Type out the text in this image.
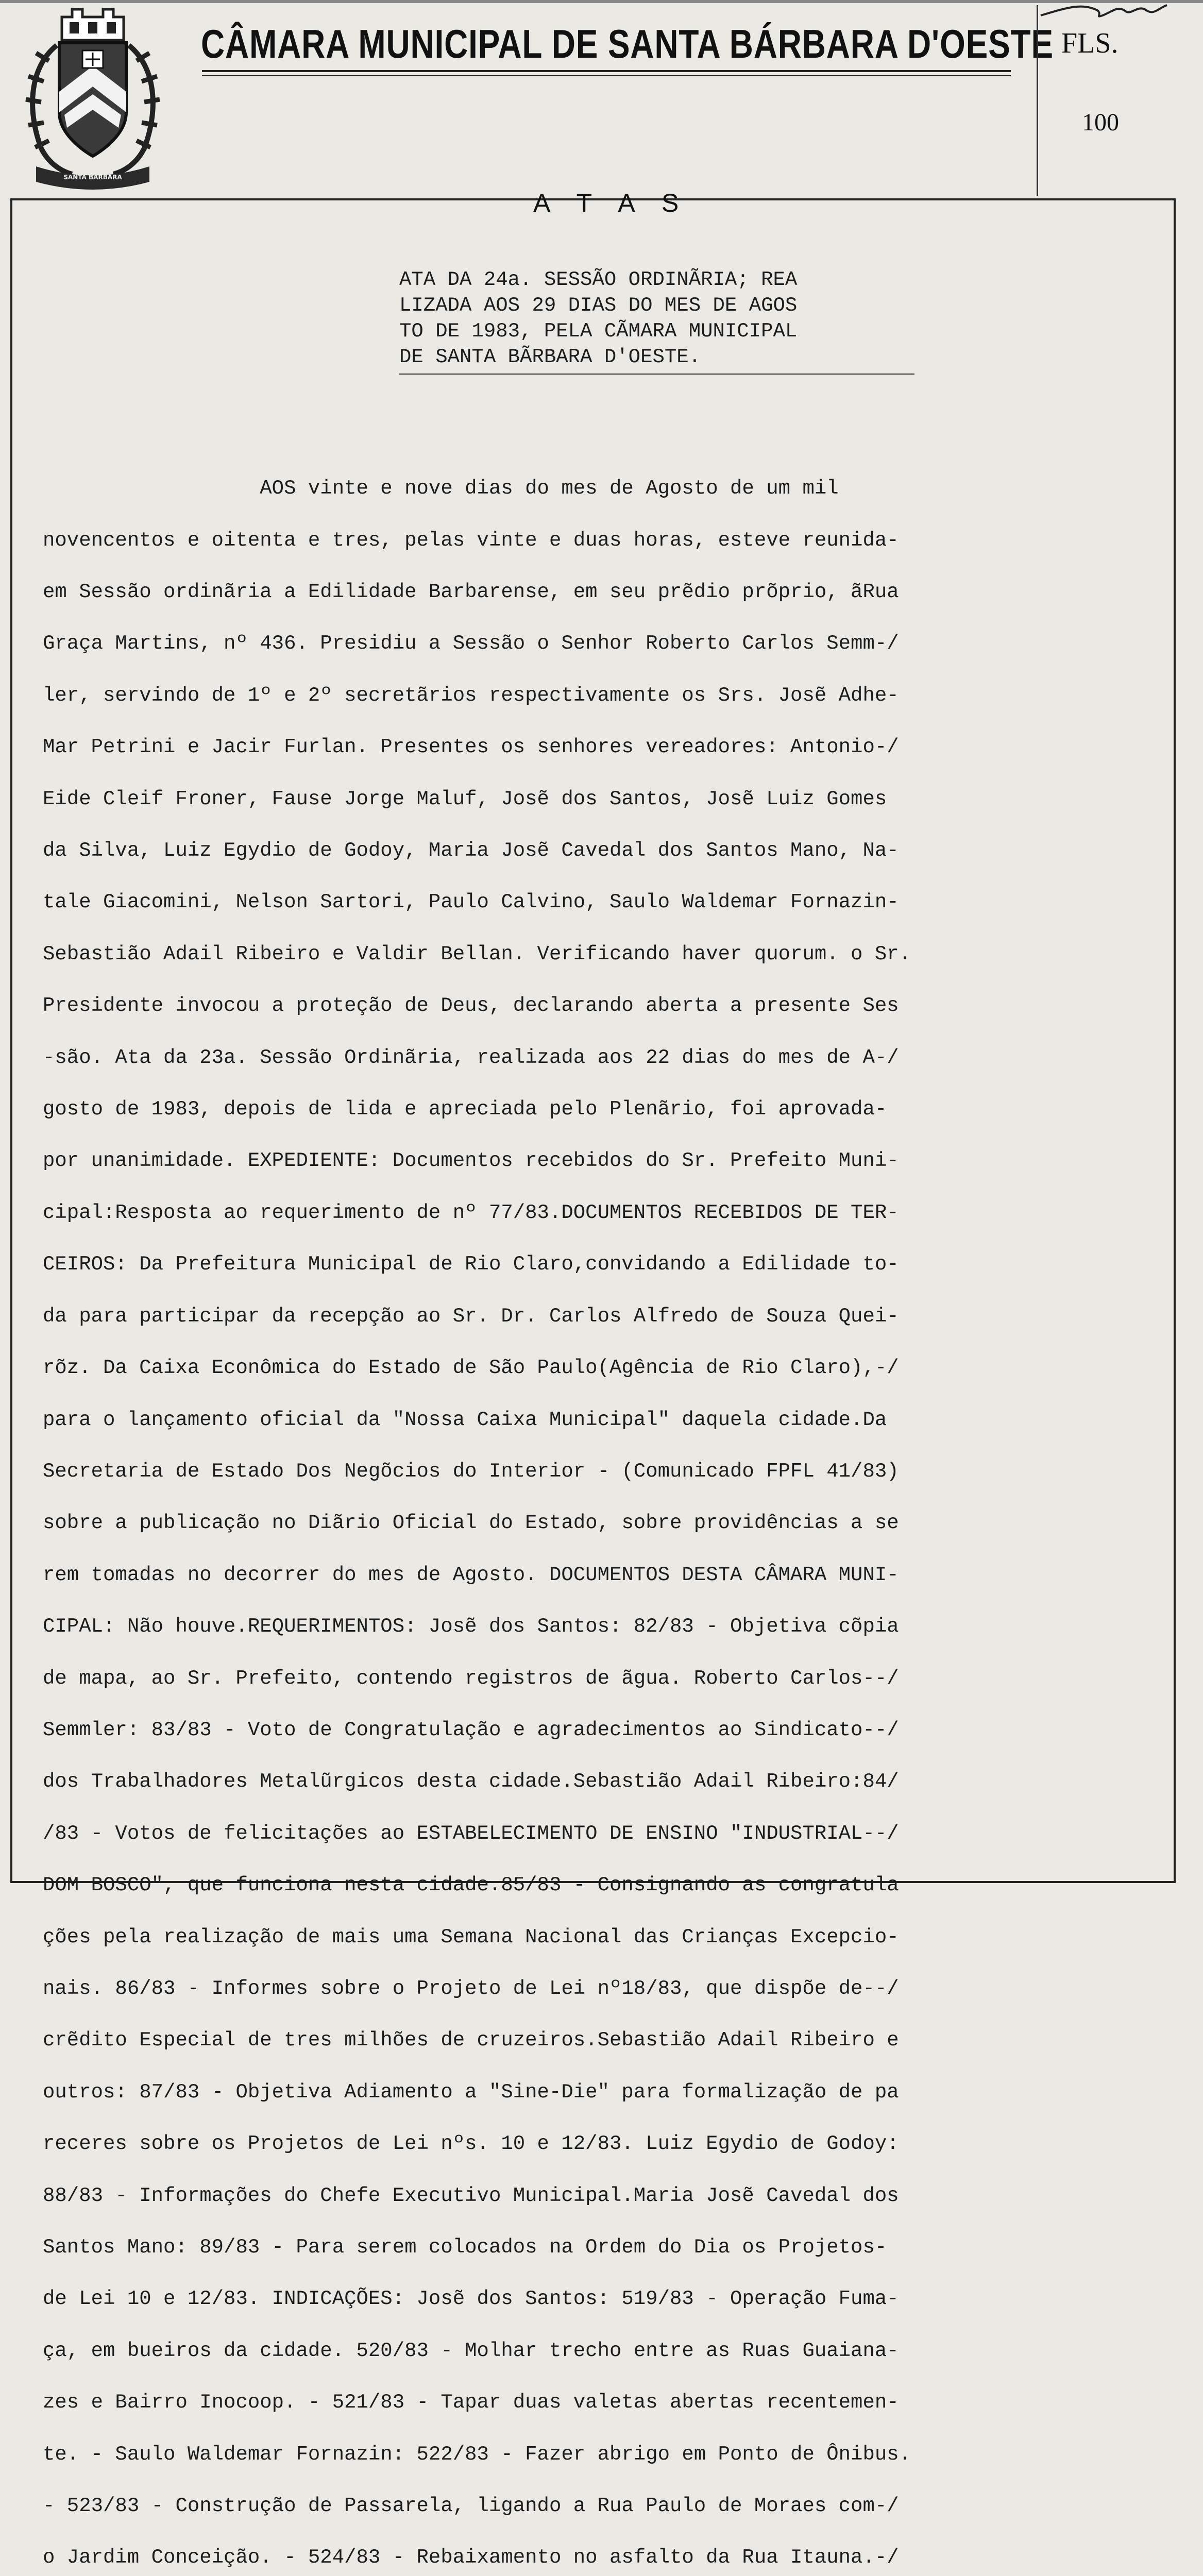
SANTA BARBARA
CÂMARA MUNICIPAL DE SANTA BÁRBARA D'OESTE FLS.
100
A T A S
ATA DA 24a. SESSÃO ORDINÃRIA; REA
LIZADA AOS 29 DIAS DO MES DE AGOS
TO DE 1983, PELA CÃMARA MUNICIPAL
DE SANTA BÃRBARA D'OESTE.

AOS vinte e nove dias do mes de Agosto de um mil

novencentos e oitenta e tres, pelas vinte e duas horas, esteve reunida-

em Sessão ordinãria a Edilidade Barbarense, em seu prẽdio prõprio, ãRua

Graça Martins, nº 436. Presidiu a Sessão o Senhor Roberto Carlos Semm-/

ler, servindo de 1º e 2º secretãrios respectivamente os Srs. Josẽ Adhe-

Mar Petrini e Jacir Furlan. Presentes os senhores vereadores: Antonio-/

Eide Cleif Froner, Fause Jorge Maluf, Josẽ dos Santos, Josẽ Luiz Gomes

da Silva, Luiz Egydio de Godoy, Maria Josẽ Cavedal dos Santos Mano, Na-

tale Giacomini, Nelson Sartori, Paulo Calvino, Saulo Waldemar Fornazin-

Sebastião Adail Ribeiro e Valdir Bellan. Verificando haver quorum. o Sr.

Presidente invocou a proteção de Deus, declarando aberta a presente Ses

-são. Ata da 23a. Sessão Ordinãria, realizada aos 22 dias do mes de A-/

gosto de 1983, depois de lida e apreciada pelo Plenãrio, foi aprovada-

por unanimidade. EXPEDIENTE: Documentos recebidos do Sr. Prefeito Muni-

cipal:Resposta ao requerimento de nº 77/83.DOCUMENTOS RECEBIDOS DE TER-

CEIROS: Da Prefeitura Municipal de Rio Claro,convidando a Edilidade to-

da para participar da recepção ao Sr. Dr. Carlos Alfredo de Souza Quei-

rõz. Da Caixa Econômica do Estado de São Paulo(Agência de Rio Claro),-/

para o lançamento oficial da "Nossa Caixa Municipal" daquela cidade.Da

Secretaria de Estado Dos Negõcios do Interior - (Comunicado FPFL 41/83)

sobre a publicação no Diãrio Oficial do Estado, sobre providências a se

rem tomadas no decorrer do mes de Agosto. DOCUMENTOS DESTA CÂMARA MUNI-

CIPAL: Não houve.REQUERIMENTOS: Josẽ dos Santos: 82/83 - Objetiva cõpia

de mapa, ao Sr. Prefeito, contendo registros de ãgua. Roberto Carlos--/

Semmler: 83/83 - Voto de Congratulação e agradecimentos ao Sindicato--/

dos Trabalhadores Metalũrgicos desta cidade.Sebastião Adail Ribeiro:84/

/83 - Votos de felicitações ao ESTABELECIMENTO DE ENSINO "INDUSTRIAL--/

DOM BOSCO", que funciona nesta cidade.85/83 - Consignando as congratula

ções pela realização de mais uma Semana Nacional das Crianças Excepcio-

nais. 86/83 - Informes sobre o Projeto de Lei nº18/83, que dispõe de--/

crẽdito Especial de tres milhões de cruzeiros.Sebastião Adail Ribeiro e

outros: 87/83 - Objetiva Adiamento a "Sine-Die" para formalização de pa

receres sobre os Projetos de Lei nºs. 10 e 12/83. Luiz Egydio de Godoy:

88/83 - Informações do Chefe Executivo Municipal.Maria Josẽ Cavedal dos

Santos Mano: 89/83 - Para serem colocados na Ordem do Dia os Projetos-

de Lei 10 e 12/83. INDICAÇÕES: Josẽ dos Santos: 519/83 - Operação Fuma-

ça, em bueiros da cidade. 520/83 - Molhar trecho entre as Ruas Guaiana-

zes e Bairro Inocoop. - 521/83 - Tapar duas valetas abertas recentemen-

te. - Saulo Waldemar Fornazin: 522/83 - Fazer abrigo em Ponto de Ônibus.

- 523/83 - Construção de Passarela, ligando a Rua Paulo de Moraes com-/

o Jardim Conceição. - 524/83 - Rebaixamento no asfalto da Rua Itauna.-/
